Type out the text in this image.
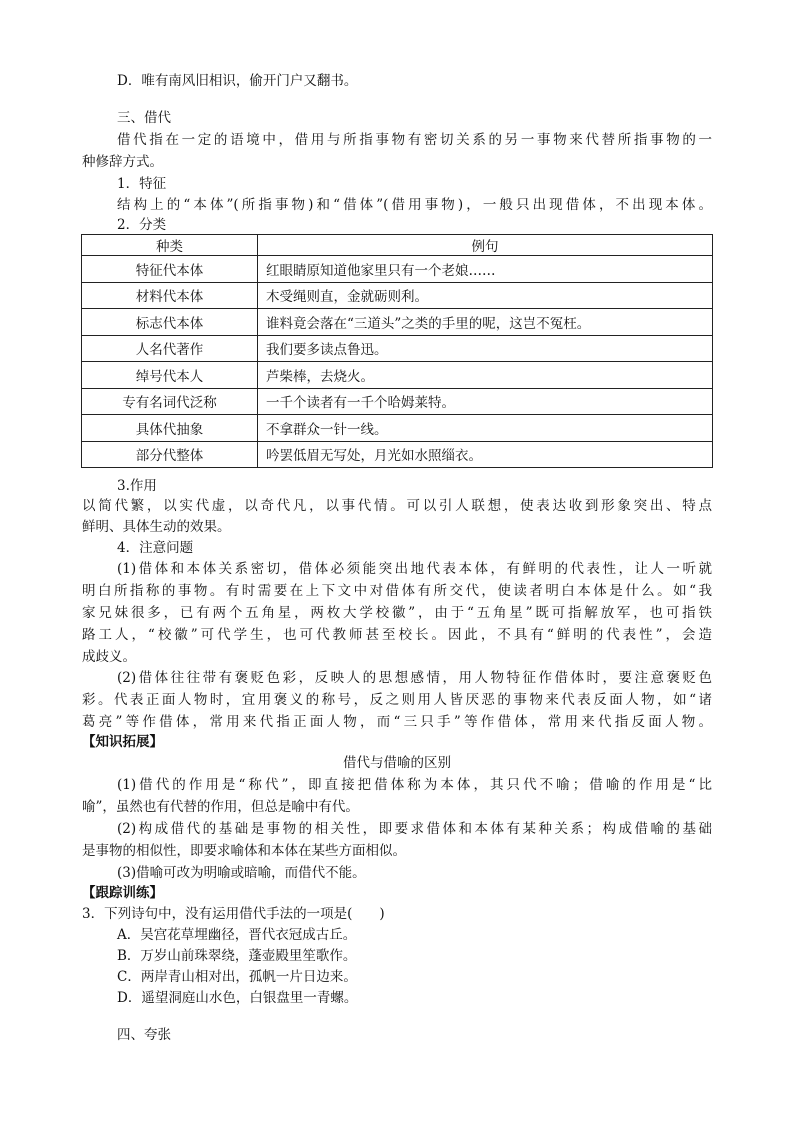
D．唯有南风旧相识，偷开门户又翻书。
三、借代
借代指在一定的语境中，借用与所指事物有密切关系的另一事物来代替所指事物的一
种修辞方式。
1．特征
结构上的“本体”(所指事物)和“借体”(借用事物)，一般只出现借体，不出现本体。
2．分类
种类	例句
特征代本体	红眼睛原知道他家里只有一个老娘……
材料代本体	木受绳则直，金就砺则利。
标志代本体	谁料竟会落在“三道头”之类的手里的呢，这岂不冤枉。
人名代著作	我们要多读点鲁迅。
绰号代本人	芦柴棒，去烧火。
专有名词代泛称	一千个读者有一千个哈姆莱特。
具体代抽象	不拿群众一针一线。
部分代整体	吟罢低眉无写处，月光如水照缁衣。
3.作用
以简代繁，以实代虚，以奇代凡，以事代情。可以引人联想，使表达收到形象突出、特点
鲜明、具体生动的效果。
4．注意问题
(1)借体和本体关系密切，借体必须能突出地代表本体，有鲜明的代表性，让人一听就
明白所指称的事物。有时需要在上下文中对借体有所交代，使读者明白本体是什么。如“我
家兄妹很多，已有两个五角星，两枚大学校徽”，由于“五角星”既可指解放军，也可指铁
路工人，“校徽”可代学生，也可代教师甚至校长。因此，不具有“鲜明的代表性”，会造
成歧义。
(2)借体往往带有褒贬色彩，反映人的思想感情，用人物特征作借体时，要注意褒贬色
彩。代表正面人物时，宜用褒义的称号，反之则用人皆厌恶的事物来代表反面人物，如“诸
葛亮”等作借体，常用来代指正面人物，而“三只手”等作借体，常用来代指反面人物。
【知识拓展】
借代与借喻的区别
(1)借代的作用是“称代”，即直接把借体称为本体，其只代不喻；借喻的作用是“比
喻”，虽然也有代替的作用，但总是喻中有代。
(2)构成借代的基础是事物的相关性，即要求借体和本体有某种关系；构成借喻的基础
是事物的相似性，即要求喻体和本体在某些方面相似。
(3)借喻可改为明喻或暗喻，而借代不能。
【跟踪训练】
3．下列诗句中，没有运用借代手法的一项是(　　)
A．吴宫花草埋幽径，晋代衣冠成古丘。
B．万岁山前珠翠绕，蓬壶殿里笙歌作。
C．两岸青山相对出，孤帆一片日边来。
D．遥望洞庭山水色，白银盘里一青螺。
四、夸张
